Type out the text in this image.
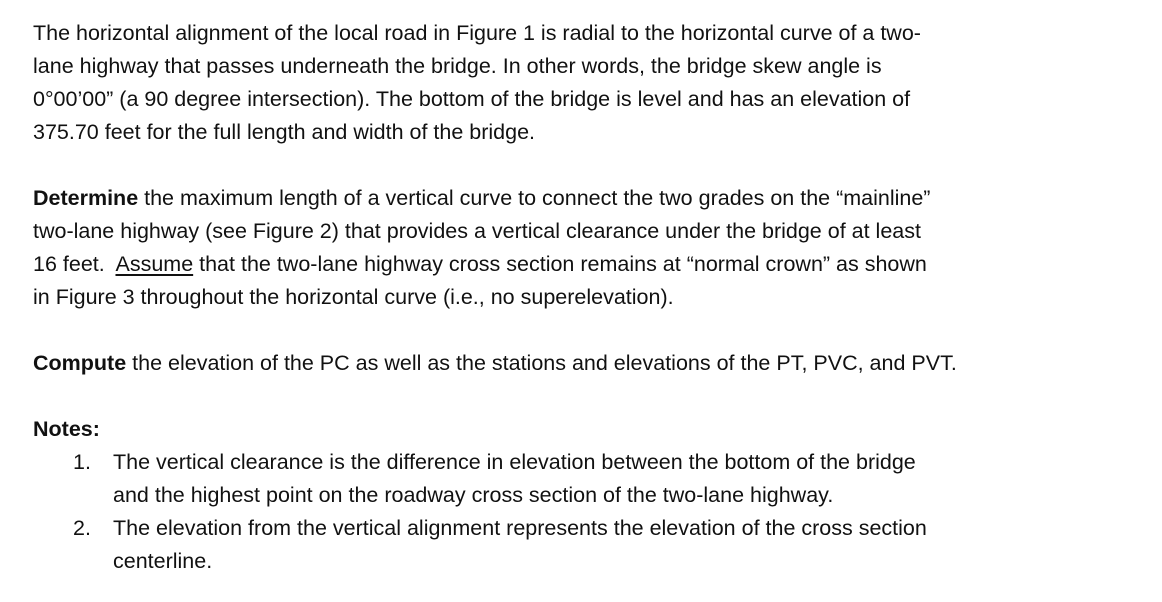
The horizontal alignment of the local road in Figure 1 is radial to the horizontal curve of a two-

lane highway that passes underneath the bridge. In other words, the bridge skew angle is

0°00’00” (a 90 degree intersection). The bottom of the bridge is level and has an elevation of

375.70 feet for the full length and width of the bridge.

Determine the maximum length of a vertical curve to connect the two grades on the “mainline”

two-lane highway (see Figure 2) that provides a vertical clearance under the bridge of at least

16 feet.  Assume that the two-lane highway cross section remains at “normal crown” as shown

in Figure 3 throughout the horizontal curve (i.e., no superelevation).

Compute the elevation of the PC as well as the stations and elevations of the PT, PVC, and PVT.

Notes:

1. The vertical clearance is the difference in elevation between the bottom of the bridge

and the highest point on the roadway cross section of the two-lane highway.

2. The elevation from the vertical alignment represents the elevation of the cross section

centerline.
